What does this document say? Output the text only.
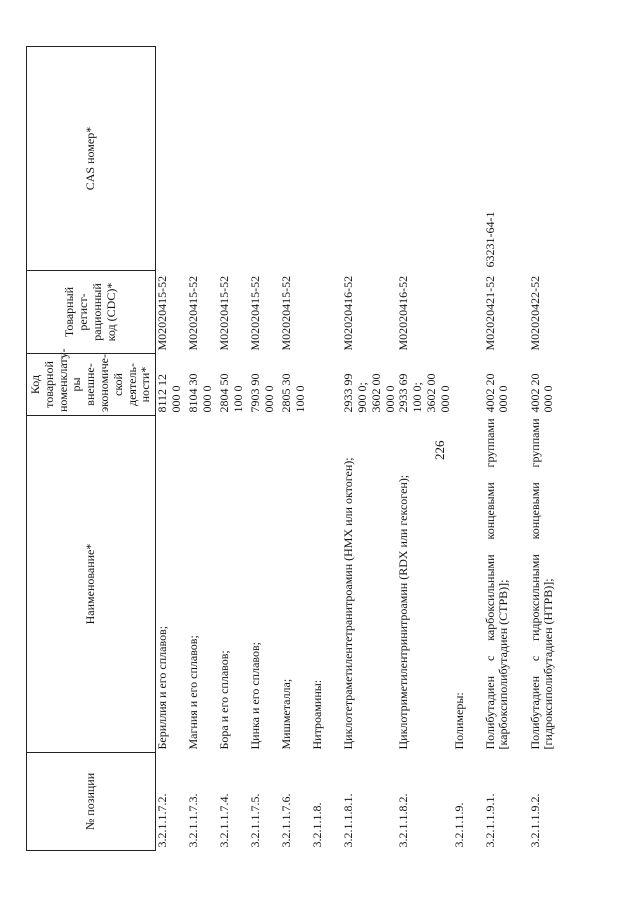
226
№ позиции	Наименование*	Код товарной номенклату-ры внешне-экономиче-ской деятель-ности*	Товарный регист-рационный код (CDC)*	CAS номер*
3.2.1.1.7.2.	Бериллия и его сплавов;	8112 12 000 0	M02020415-52	
3.2.1.1.7.3.	Магния и его сплавов;	8104 30 000 0	M02020415-52	
3.2.1.1.7.4.	Бора и его сплавов;	2804 50 100 0	M02020415-52	
3.2.1.1.7.5.	Цинка и его сплавов;	7903 90 000 0	M02020415-52	
3.2.1.1.7.6.	Мишметалла;	2805 30 100 0	M02020415-52	
3.2.1.1.8.	Нитроамины:			
3.2.1.1.8.1.	Циклотетраметилентетранитроамин (HMX или октоген);	2933 99 900 0; 3602 00 000 0	M02020416-52	
3.2.1.1.8.2.	Циклотриметилентринитроамин (RDX или гексоген);	2933 69 100 0; 3602 00 000 0	M02020416-52	
3.2.1.1.9.	Полимеры:			
3.2.1.1.9.1.	Полибутадиен с карбоксильными концевыми группами [карбоксиполибутадиен (CTPB)];	4002 20 000 0	M02020421-52	63231-64-1
3.2.1.1.9.2.	Полибутадиен с гидроксильными концевыми группами [гидроксиполибутадиен (HTPB)];	4002 20 000 0	M02020422-52	
